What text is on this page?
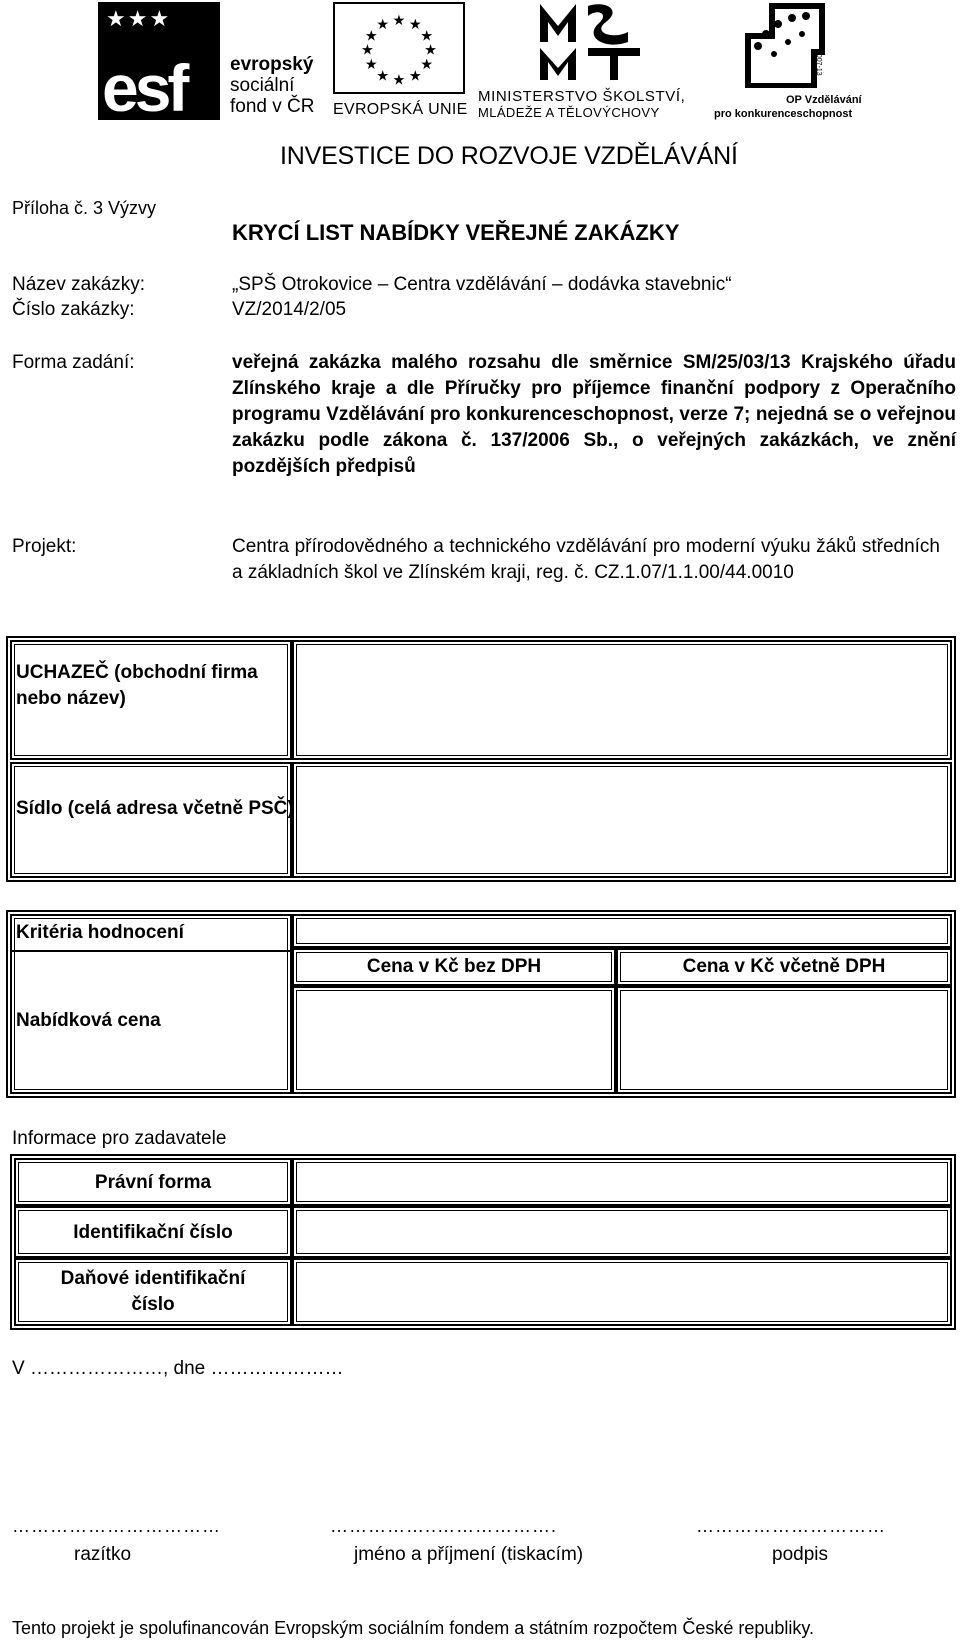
★★★
esf evropský
sociální
fond v ČR
★ ★
★
★
★
★
★
★
★
★
★
★
EVROPSKÁ UNIE
MINISTERSTVO ŠKOLSTVÍ,
MLÁDEŽE A TĚLOVÝCHOVY
2007-13
OP Vzdělávání
pro konkurenceschopnost
INVESTICE DO ROZVOJE VZDĚLÁVÁNÍ
Příloha č. 3 Výzvy
KRYCÍ LIST NABÍDKY VEŘEJNÉ ZAKÁZKY
Název zakázky:	„SPŠ Otrokovice – Centra vzdělávání – dodávka stavebnic“
Číslo zakázky:	VZ/2014/2/05
Forma zadání:	veřejná zakázka malého rozsahu dle směrnice SM/25/03/13 Krajského úřadu Zlínského kraje a dle Příručky pro příjemce finanční podpory z Operačního programu Vzdělávání pro konkurenceschopnost, verze 7; nejedná se o veřejnou zakázku podle zákona č. 137/2006 Sb., o veřejných zakázkách, ve znění pozdějších předpisů
Projekt:	Centra přírodovědného a technického vzdělávání pro moderní výuku žáků středních a základních škol ve Zlínském kraji, reg. č. CZ.1.07/1.1.00/44.0010
UCHAZEČ (obchodní firma nebo název)
Sídlo (celá adresa včetně PSČ)
Kritéria hodnocení
Nabídková cena
Cena v Kč bez DPH	Cena v Kč včetně DPH
Informace pro zadavatele
Právní forma
Identifikační číslo
Daňové identifikační číslo
V …………………, dne …………………
……………………………	……………..……………….	…………………………
razítko	jméno a příjmení (tiskacím)	podpis
Tento projekt je spolufinancován Evropským sociálním fondem a státním rozpočtem České republiky.
